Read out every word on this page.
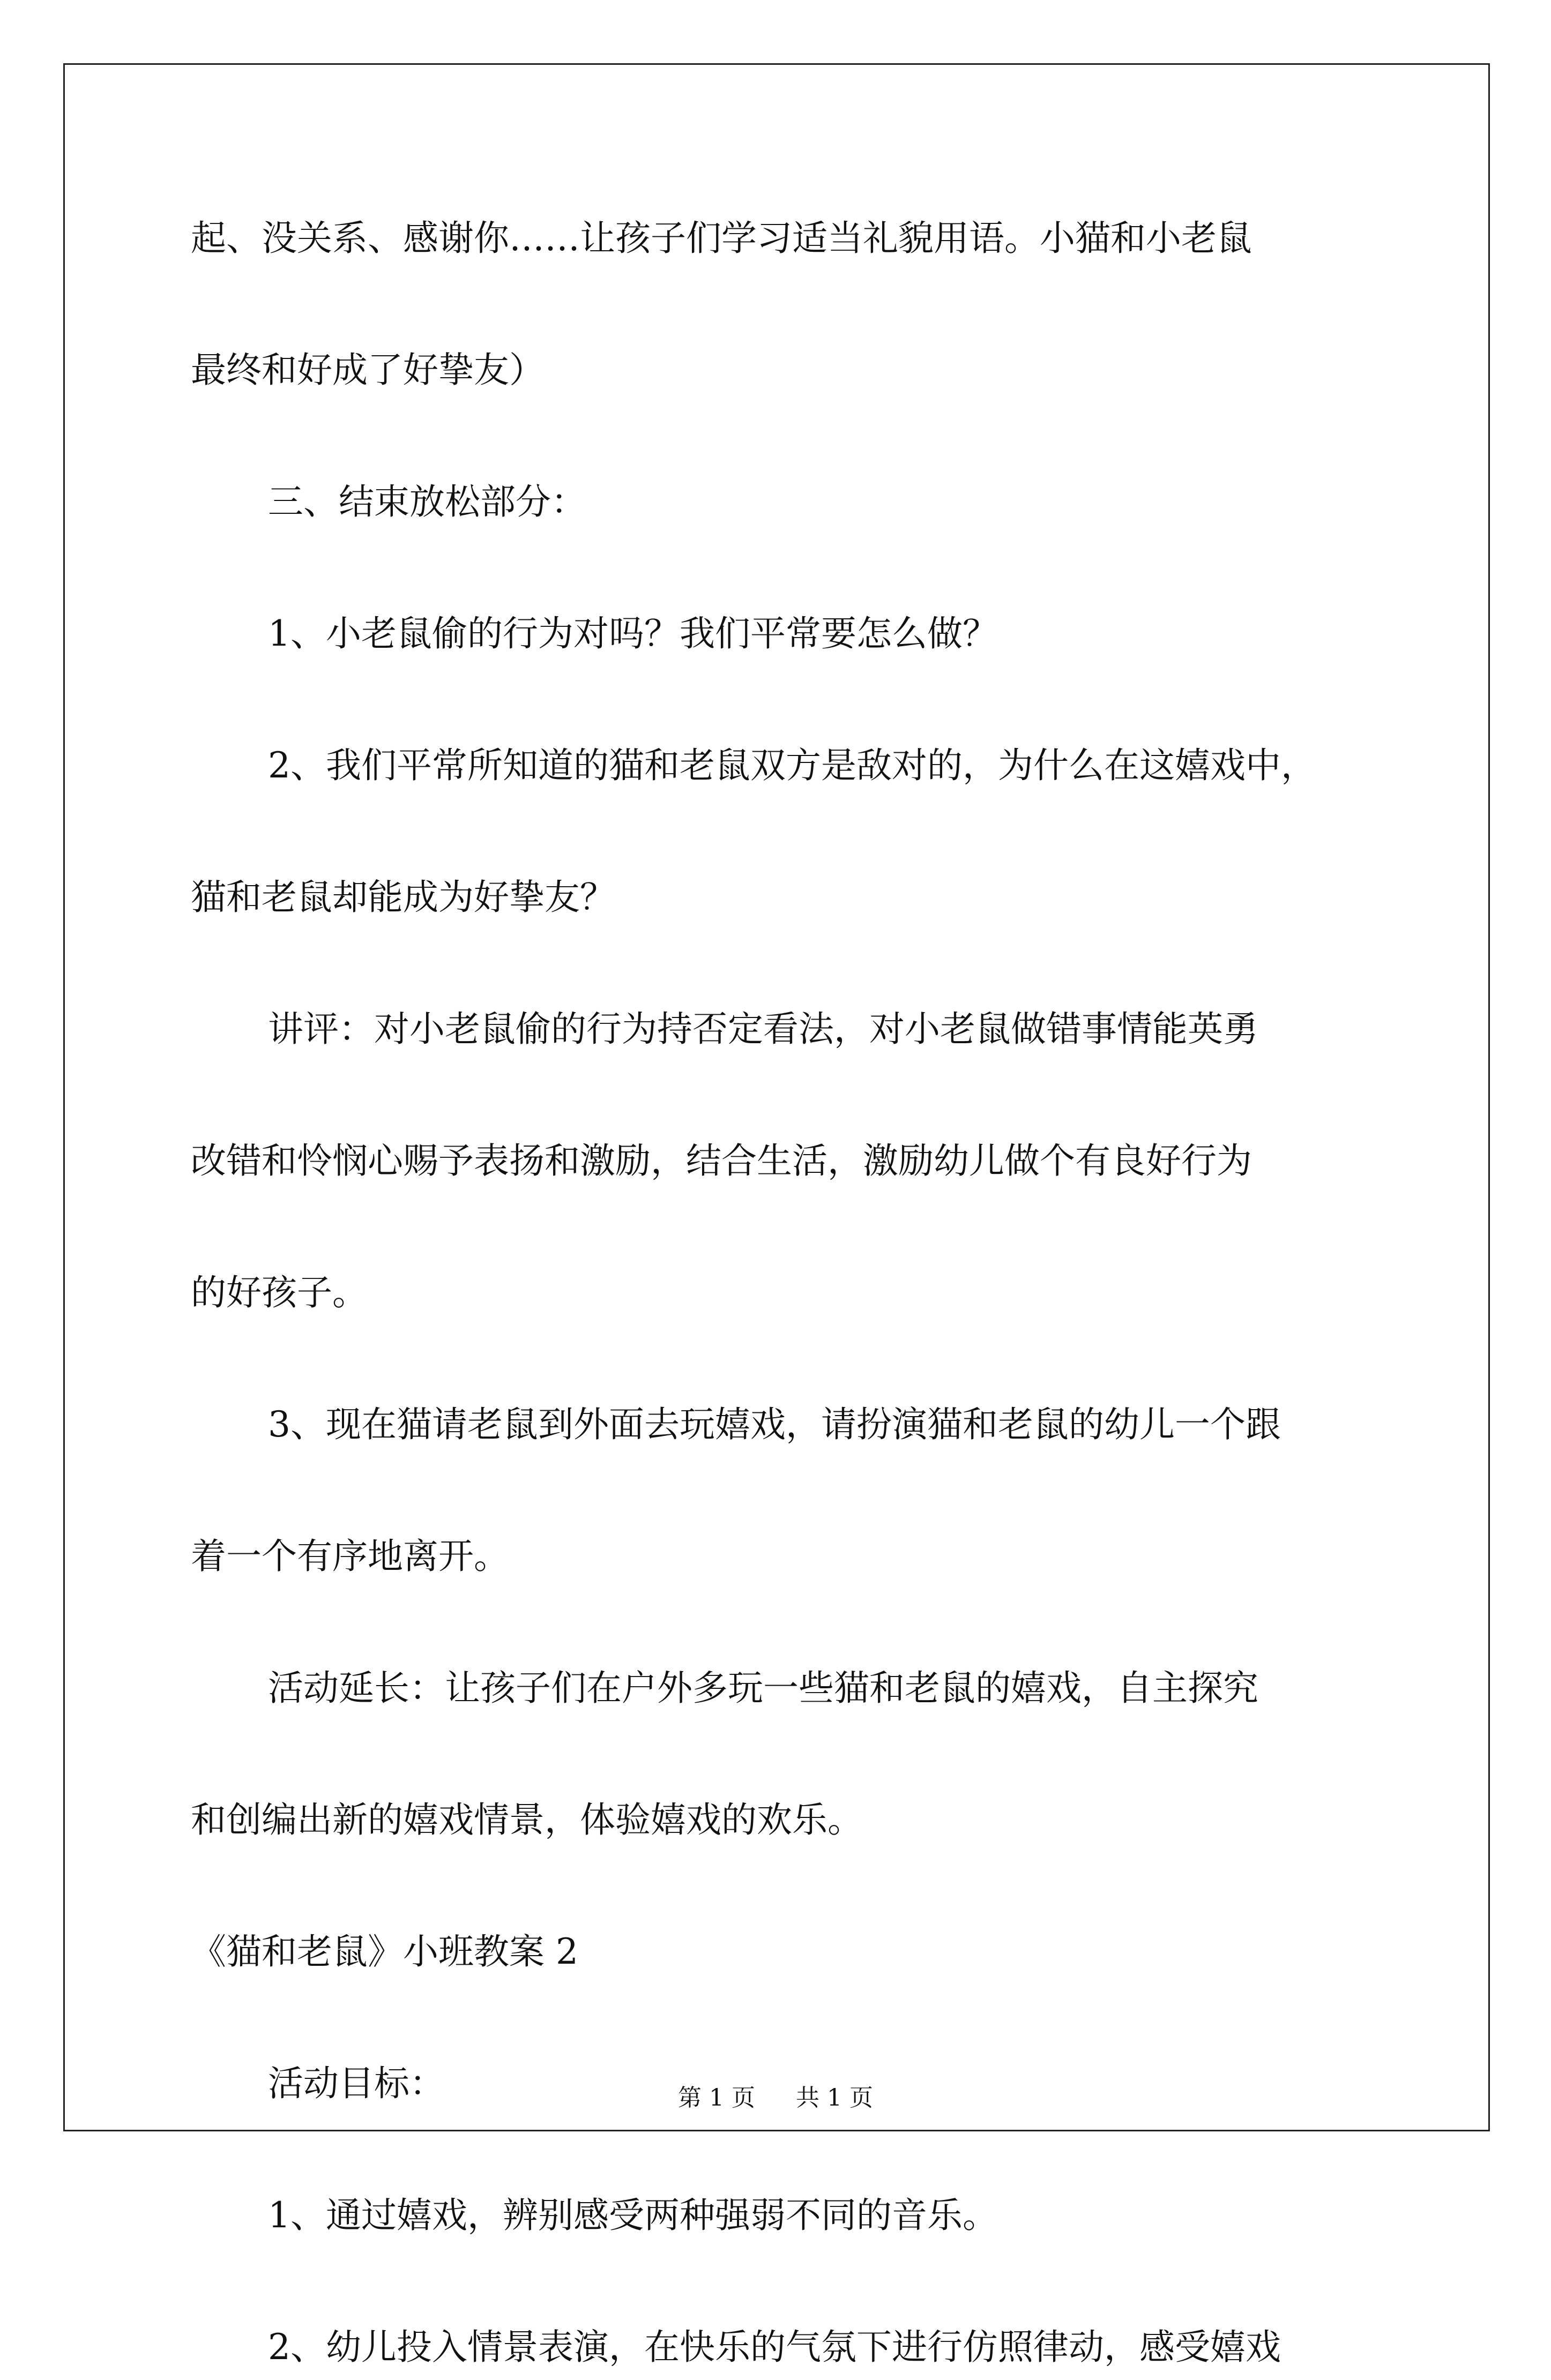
起、没关系、感谢你……让孩子们学习适当礼貌用语。小猫和小老鼠
最终和好成了好挚友）
三、结束放松部分：
1、小老鼠偷的行为对吗？我们平常要怎么做？
2、我们平常所知道的猫和老鼠双方是敌对的，为什么在这嬉戏中，
猫和老鼠却能成为好挚友？
讲评：对小老鼠偷的行为持否定看法，对小老鼠做错事情能英勇
改错和怜悯心赐予表扬和激励，结合生活，激励幼儿做个有良好行为
的好孩子。
3、现在猫请老鼠到外面去玩嬉戏，请扮演猫和老鼠的幼儿一个跟
着一个有序地离开。
活动延长：让孩子们在户外多玩一些猫和老鼠的嬉戏，自主探究
和创编出新的嬉戏情景，体验嬉戏的欢乐。
《猫和老鼠》小班教案 2
活动目标：
1、通过嬉戏，辨别感受两种强弱不同的音乐。
2、幼儿投入情景表演，在快乐的气氛下进行仿照律动，感受嬉戏
第 1 页 共 1 页
